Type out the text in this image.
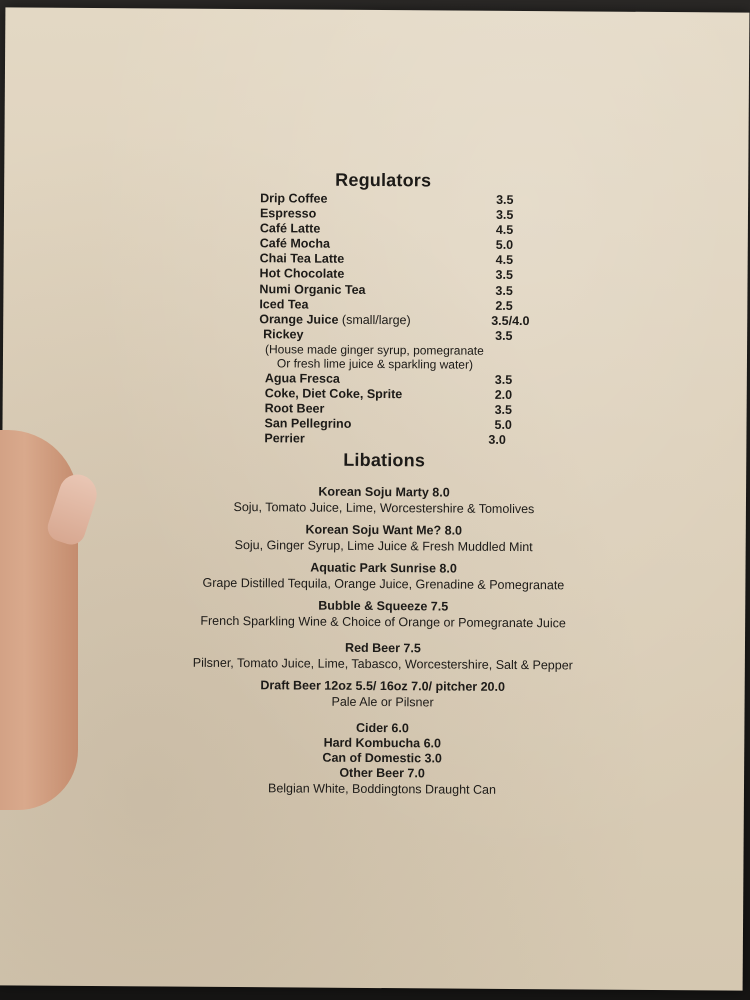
Regulators
Drip Coffee	3.5
Espresso	3.5
Café Latte	4.5
Café Mocha	5.0
Chai Tea Latte	4.5
Hot Chocolate	3.5
Numi Organic Tea	3.5
Iced Tea	2.5
Orange Juice (small/large)	3.5/4.0
Rickey	3.5
(House made ginger syrup, pomegranate
Or fresh lime juice & sparkling water)
Agua Fresca	3.5
Coke, Diet Coke, Sprite	2.0
Root Beer	3.5
San Pellegrino	5.0
Perrier	3.0
Libations
Korean Soju Marty 8.0
Soju, Tomato Juice, Lime, Worcestershire & Tomolives
Korean Soju Want Me? 8.0
Soju, Ginger Syrup, Lime Juice & Fresh Muddled Mint
Aquatic Park Sunrise 8.0
Grape Distilled Tequila, Orange Juice, Grenadine & Pomegranate
Bubble & Squeeze 7.5
French Sparkling Wine & Choice of Orange or Pomegranate Juice
Red Beer 7.5
Pilsner, Tomato Juice, Lime, Tabasco, Worcestershire, Salt & Pepper
Draft Beer 12oz 5.5/ 16oz 7.0/ pitcher 20.0
Pale Ale or Pilsner
Cider 6.0
Hard Kombucha 6.0
Can of Domestic 3.0
Other Beer 7.0
Belgian White, Boddingtons Draught Can
